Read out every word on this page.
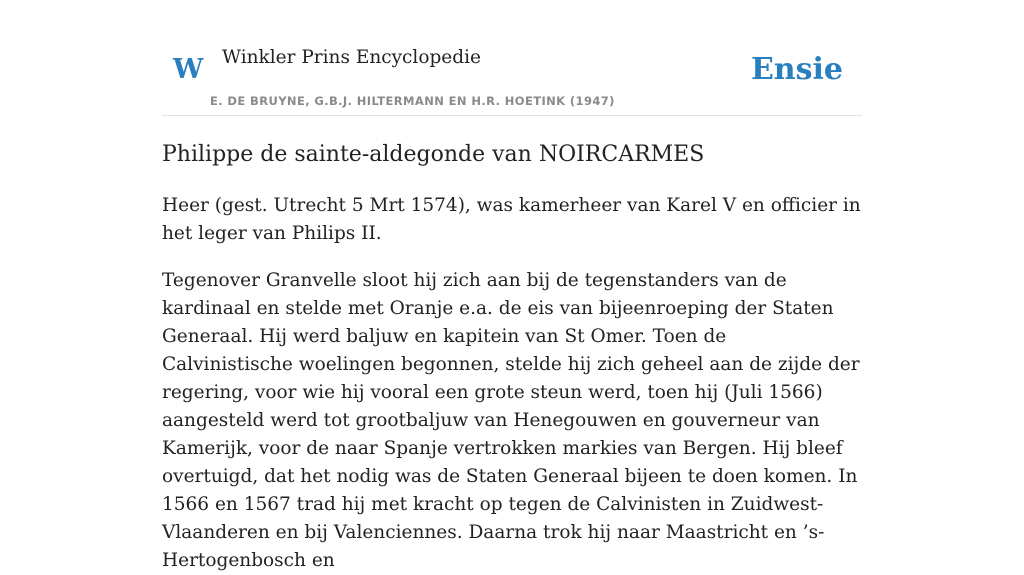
W Winkler Prins Encyclopedie
E. DE BRUYNE, G.B.J. HILTERMANN EN H.R. HOETINK (1947)
Ensie
Philippe de sainte-aldegonde van NOIRCARMES

Heer (gest. Utrecht 5 Mrt 1574), was kamerheer van Karel V en officier in het leger van Philips II.

Tegenover Granvelle sloot hij zich aan bij de tegenstanders van de kardinaal en stelde met Oranje e.a. de eis van bijeenroeping der Staten Generaal. Hij werd baljuw en kapitein van St Omer. Toen de Calvinistische woelingen begonnen, stelde hij zich geheel aan de zijde der regering, voor wie hij vooral een grote steun werd, toen hij (Juli 1566) aangesteld werd tot grootbaljuw van Henegouwen en gouverneur van Kamerijk, voor de naar Spanje vertrokken markies van Bergen. Hij bleef overtuigd, dat het nodig was de Staten Generaal bijeen te doen komen. In 1566 en 1567 trad hij met kracht op tegen de Calvinisten in Zuidwest-Vlaanderen en bij Valenciennes. Daarna trok hij naar Maastricht en ’s-Hertogenbosch en
